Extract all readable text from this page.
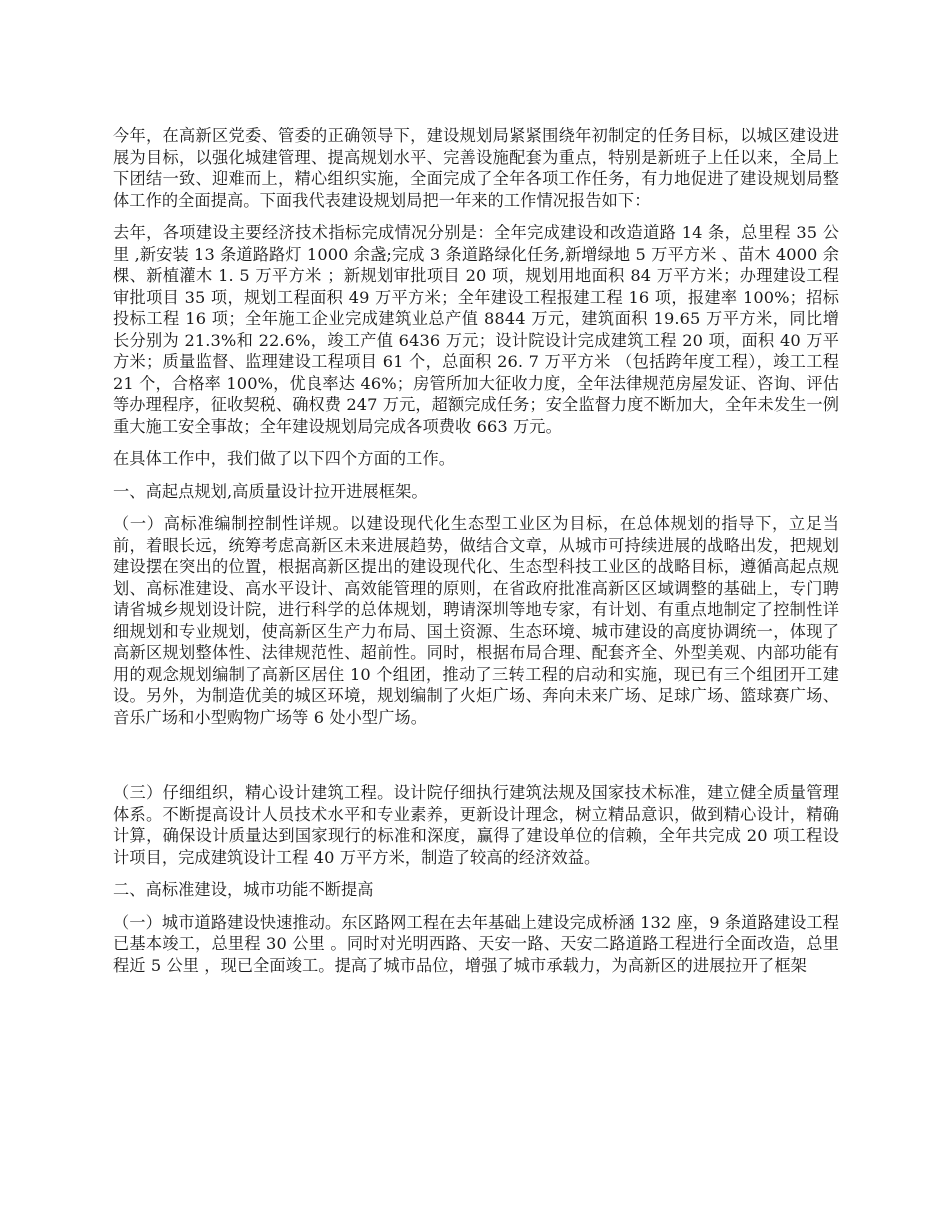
今年，在高新区党委、管委的正确领导下，建设规划局紧紧围绕年初制定的任务目标，以城区建设进展为目标，以强化城建管理、提高规划水平、完善设施配套为重点，特别是新班子上任以来，全局上下团结一致、迎难而上，精心组织实施，全面完成了全年各项工作任务，有力地促进了建设规划局整体工作的全面提高。下面我代表建设规划局把一年来的工作情况报告如下：

去年，各项建设主要经济技术指标完成情况分别是：全年完成建设和改造道路 14 条，总里程 35 公里 ,新安装 13 条道路路灯 1000 余盏;完成 3 条道路绿化任务,新增绿地 5 万平方米 、苗木 4000 余棵、新植灌木 1. 5 万平方米 ；新规划审批项目 20 项，规划用地面积 84 万平方米；办理建设工程审批项目 35 项，规划工程面积 49 万平方米；全年建设工程报建工程 16 项，报建率 100%；招标投标工程 16 项；全年施工企业完成建筑业总产值 8844 万元，建筑面积 19.65 万平方米，同比增长分别为 21.3%和 22.6%，竣工产值 6436 万元；设计院设计完成建筑工程 20 项，面积 40 万平方米；质量监督、监理建设工程项目 61 个，总面积 26. 7 万平方米 （包括跨年度工程），竣工工程 21 个，合格率 100%，优良率达 46%；房管所加大征收力度，全年法律规范房屋发证、咨询、评估等办理程序，征收契税、确权费 247 万元，超额完成任务；安全监督力度不断加大，全年未发生一例重大施工安全事故；全年建设规划局完成各项费收 663 万元。

在具体工作中，我们做了以下四个方面的工作。

一、高起点规划,高质量设计拉开进展框架。

（一）高标准编制控制性详规。以建设现代化生态型工业区为目标，在总体规划的指导下，立足当前，着眼长远，统筹考虑高新区未来进展趋势，做结合文章，从城市可持续进展的战略出发，把规划建设摆在突出的位置，根据高新区提出的建设现代化、生态型科技工业区的战略目标，遵循高起点规划、高标准建设、高水平设计、高效能管理的原则，在省政府批准高新区区域调整的基础上，专门聘请省城乡规划设计院，进行科学的总体规划，聘请深圳等地专家，有计划、有重点地制定了控制性详细规划和专业规划，使高新区生产力布局、国土资源、生态环境、城市建设的高度协调统一，体现了高新区规划整体性、法律规范性、超前性。同时，根据布局合理、配套齐全、外型美观、内部功能有用的观念规划编制了高新区居住 10 个组团，推动了三转工程的启动和实施，现已有三个组团开工建设。另外，为制造优美的城区环境，规划编制了火炬广场、奔向未来广场、足球广场、篮球赛广场、音乐广场和小型购物广场等 6 处小型广场。

（三）仔细组织，精心设计建筑工程。设计院仔细执行建筑法规及国家技术标准，建立健全质量管理体系。不断提高设计人员技术水平和专业素养，更新设计理念，树立精品意识，做到精心设计，精确计算，确保设计质量达到国家现行的标准和深度，赢得了建设单位的信赖，全年共完成 20 项工程设计项目，完成建筑设计工程 40 万平方米，制造了较高的经济效益。

二、高标准建设，城市功能不断提高

（一）城市道路建设快速推动。东区路网工程在去年基础上建设完成桥涵 132 座，9 条道路建设工程已基本竣工，总里程 30 公里 。同时对光明西路、天安一路、天安二路道路工程进行全面改造，总里程近 5 公里 ，现已全面竣工。提高了城市品位，增强了城市承载力，为高新区的进展拉开了框架
